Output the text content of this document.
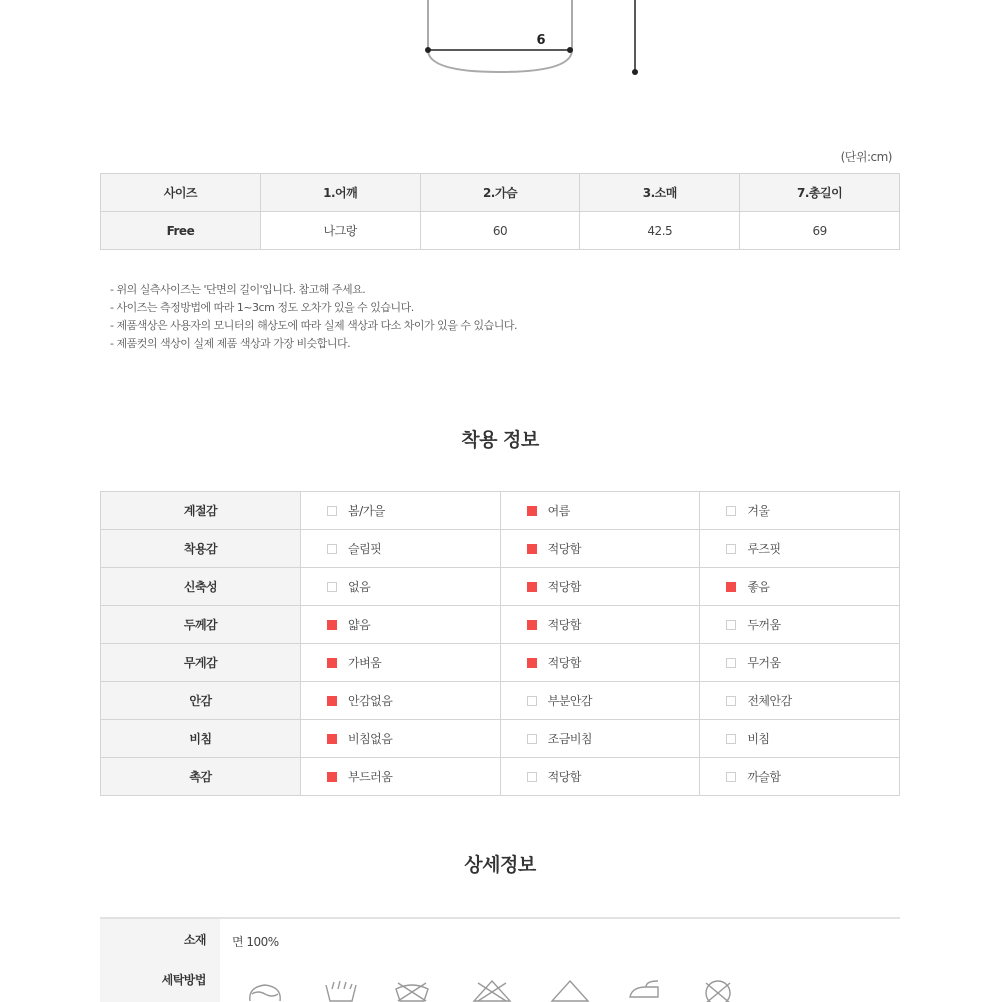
6
(단위:cm)
사이즈	1.어깨	2.가슴	3.소매	7.총길이
Free	나그랑	60	42.5	69
- 위의 실측사이즈는 '단면의 길이'입니다. 참고해 주세요.
- 사이즈는 측정방법에 따라 1~3cm 정도 오차가 있을 수 있습니다.
- 제품색상은 사용자의 모니터의 해상도에 따라 실제 색상과 다소 차이가 있을 수 있습니다.
- 제품컷의 색상이 실제 제품 색상과 가장 비슷합니다.
착용 정보
계절감	봄/가을	여름	겨울
착용감	슬림핏	적당함	루즈핏
신축성	없음	적당함	좋음
두께감	얇음	적당함	두꺼움
무게감	가벼움	적당함	무거움
안감	안감없음	부분안감	전체안감
비침	비침없음	조금비침	비침
촉감	부드러움	적당함	까슬함
상세정보
소재 면 100%
세탁방법
